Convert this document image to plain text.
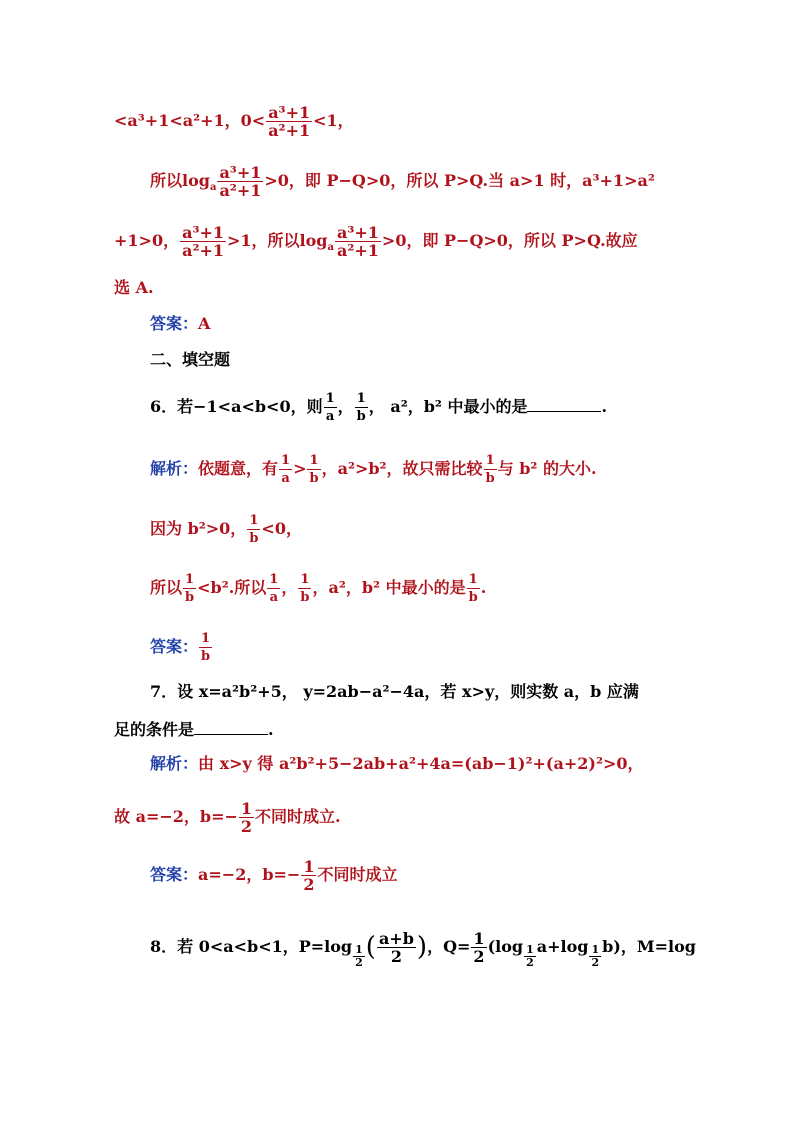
<a³+1<a²+1，$0< \frac{\text{a³+1}}{\text{a²+1}} <1$，
所以$\log_a \frac{\text{a³+1}}{\text{a²+1}} >0$，即 P−Q>0，所以 P>Q.当 a>1 时，a³+1>a²
+1>0， $\frac{\text{a³+1}}{\text{a²+1}} >1$，所以$\log_a \frac{\text{a³+1}}{\text{a²+1}} >0$，即 P−Q>0，所以 P>Q.故应
选 A.
答案：A
二、填空题
6．若−1<a<b<0，则 $\frac{1}{a}$ ， $\frac{1}{b}$ ， a²，b² 中最小的是	.
解析：依题意，有 $\frac{1}{a} > \frac{1}{b}$ ，a²>b²，故只需比较 $\frac{1}{b}$ 与 b² 的大小.
因为 b²>0， $\frac{1}{b} <0$，
所以 $\frac{1}{b} <b^2$.所以 $\frac{1}{a}$ ， $\frac{1}{b}$ ，a²，b² 中最小的是 $\frac{1}{b}$ .
答案： $\frac{1}{b}$
7．设 x=a²b²+5， y=2ab−a²−4a，若 x>y，则实数 a，b 应满
足的条件是	.
解析：由 x>y 得 a²b²+5−2ab+a²+4a=(ab−1)²+(a+2)²>0，
故 a=−2，$b=- \frac{1}{2}$ 不同时成立.
答案：a=−2，$b=- \frac{1}{2}$ 不同时成立
8．若 0<a<b<1，$P=\log \frac{1}{2}$ ( $\frac{a+b}{2}$ )，$Q= \frac{1}{2} (\log \frac{1}{2} a+\log \frac{1}{2} b)$，M=log
